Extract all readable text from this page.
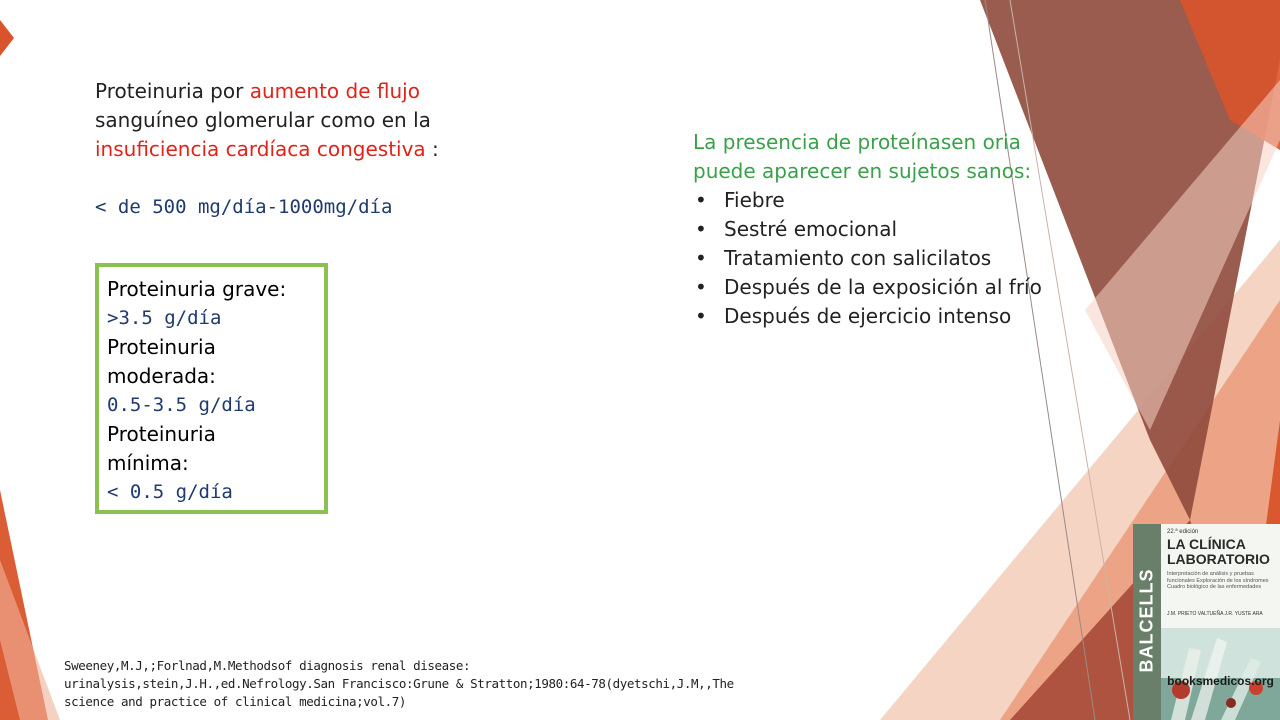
Proteinuria por aumento de flujo
sanguíneo glomerular como en la
insuficiencia cardíaca congestiva :
< de 500 mg/día-1000mg/día
Proteinuria grave:
>3.5 g/día
Proteinuria
moderada:
0.5-3.5 g/día
Proteinuria
mínima:
< 0.5 g/día
La presencia de proteínasen oria puede aparecer en sujetos sanos:
• Fiebre
• Sestré emocional
• Tratamiento con salicilatos
• Después de la exposición al frío
• Después de ejercicio intenso
Sweeney,M.J,;Forlnad,M.Methodsof diagnosis renal disease: urinalysis,stein,J.H.,ed.Nefrology.San Francisco:Grune & Stratton;1980:64-78(dyetschi,J.M,,The science and practice of clinical medicina;vol.7)
BALCELLS
22.ª edición
LA CLÍNICA
LABORATORIO
Interpretación de análisis y pruebas funcionales Exploración de los síndromes Cuadro biológico de las enfermedades
J.M. PRIETO VALTUEÑA J.R. YUSTE ARA
booksmedicos.org
